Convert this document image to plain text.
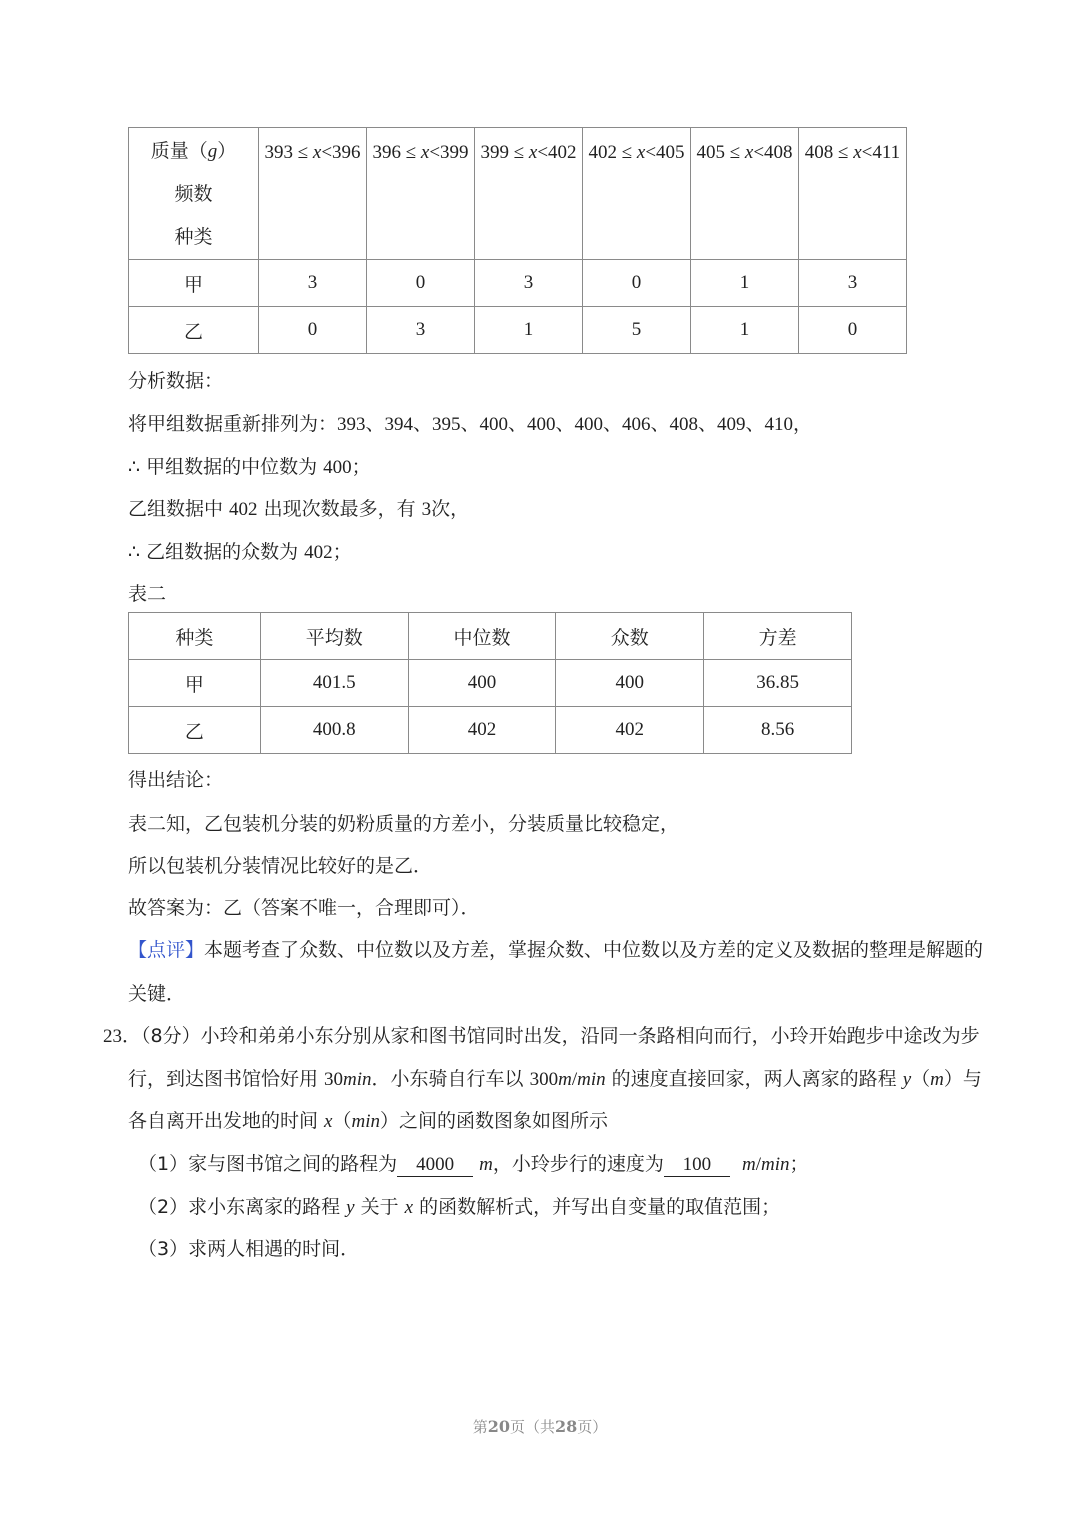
质量（g）
频数
种类	393 ≤ x<396	396 ≤ x<399	399 ≤ x<402	402 ≤ x<405	405 ≤ x<408	408 ≤ x<411
甲	3	0	3	0	1	3
乙	0	3	1	5	1	0
分析数据：
将甲组数据重新排列为：393、394、395、400、400、400、406、408、409、410，
∴ 甲组数据的中位数为 400；
乙组数据中 402 出现次数最多，有 3次，
∴ 乙组数据的众数为 402；
表二
种类	平均数	中位数	众数	方差
甲	401.5	400	400	36.85
乙	400.8	402	402	8.56
得出结论：
表二知，乙包装机分装的奶粉质量的方差小，分装质量比较稳定，
所以包装机分装情况比较好的是乙．
故答案为：乙（答案不唯一，合理即可）．
【点评】本题考查了众数、中位数以及方差，掌握众数、中位数以及方差的定义及数据的整理是解题的
关键．
23．（8分）小玲和弟弟小东分别从家和图书馆同时出发，沿同一条路相向而行，小玲开始跑步中途改为步
行，到达图书馆恰好用 30min．小东骑自行车以 300m/min 的速度直接回家，两人离家的路程 y（m）与
各自离开出发地的时间 x（min）之间的函数图象如图所示
（1）家与图书馆之间的路程为 4000 m，小玲步行的速度为 100 m/min；
（2）求小东离家的路程 y 关于 x 的函数解析式，并写出自变量的取值范围；
（3）求两人相遇的时间．
第20页（共28页）
